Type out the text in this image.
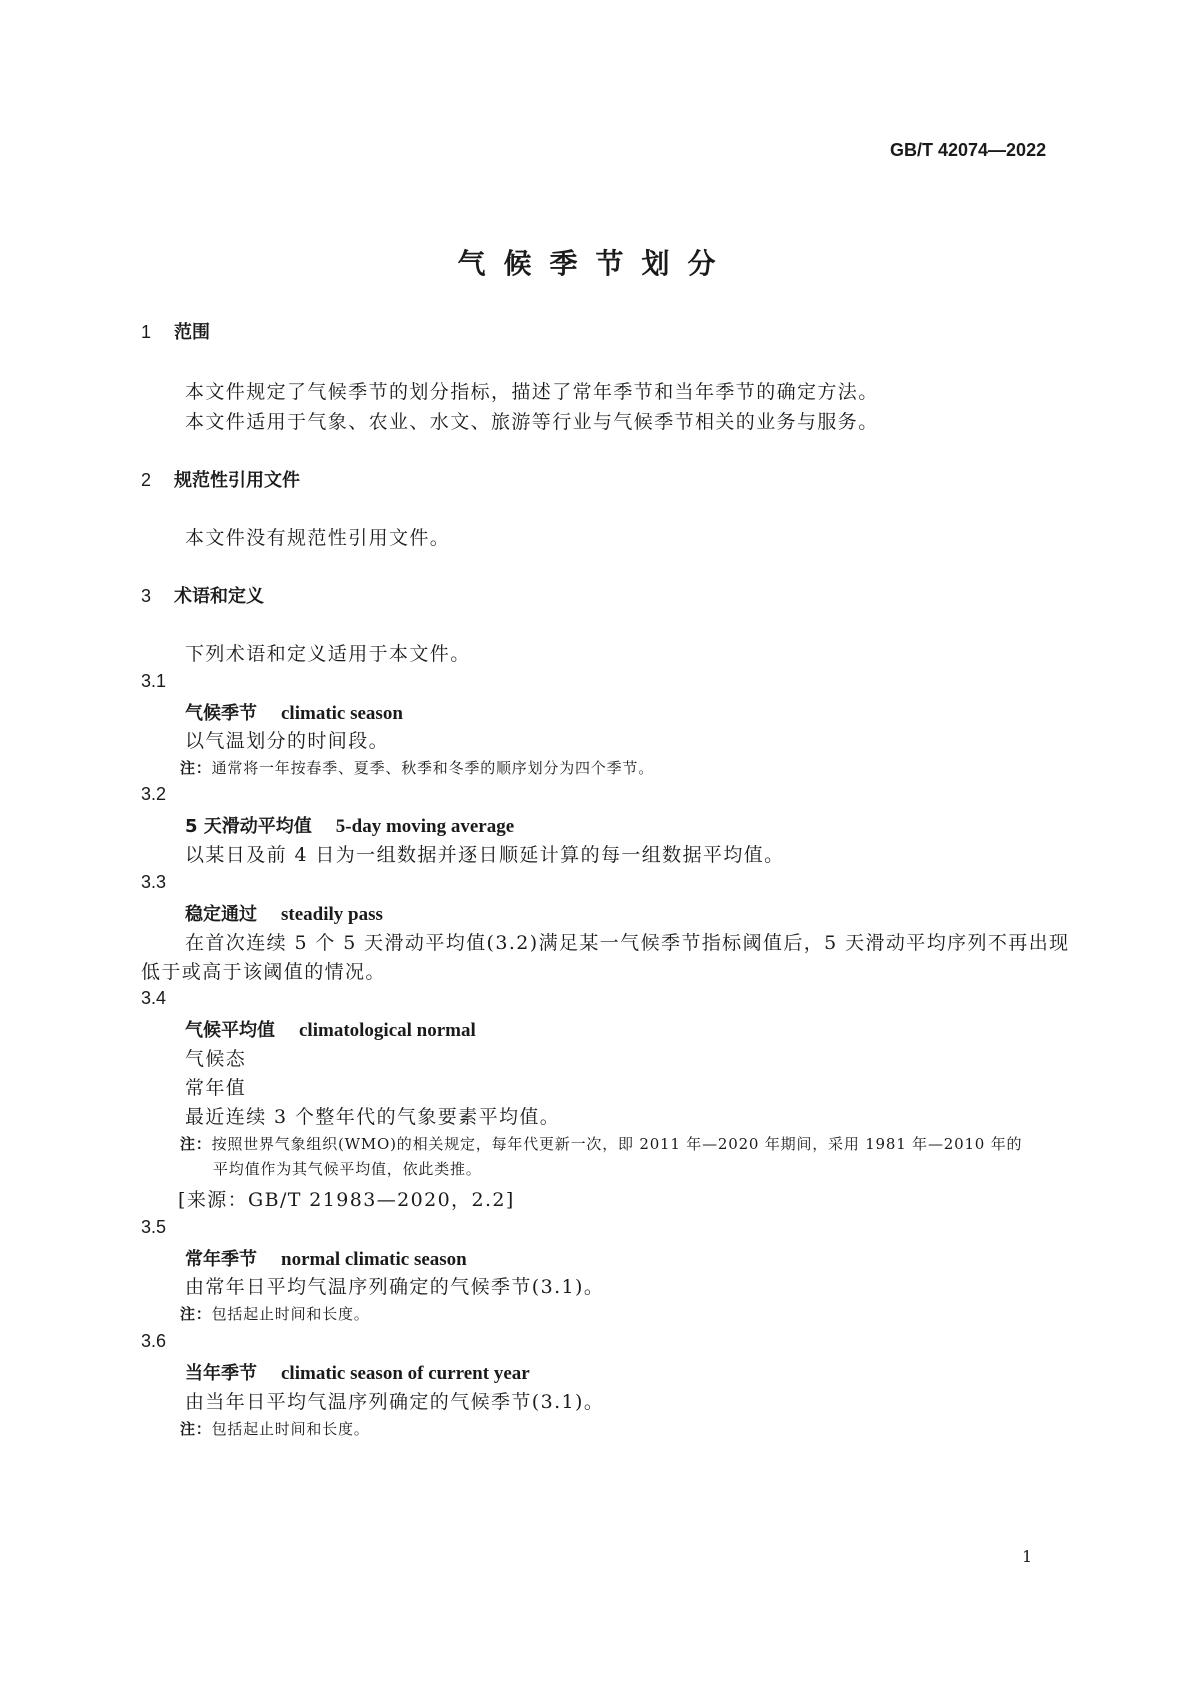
GB/T 42074—2022
气候季节划分
1 范围
本文件规定了气候季节的划分指标，描述了常年季节和当年季节的确定方法。
本文件适用于气象、农业、水文、旅游等行业与气候季节相关的业务与服务。
2 规范性引用文件
本文件没有规范性引用文件。
3 术语和定义
下列术语和定义适用于本文件。
3.1
气候季节 climatic season
以气温划分的时间段。
注：通常将一年按春季、夏季、秋季和冬季的顺序划分为四个季节。
3.2
5 天滑动平均值 5-day moving average
以某日及前 4 日为一组数据并逐日顺延计算的每一组数据平均值。
3.3
稳定通过 steadily pass
在首次连续 5 个 5 天滑动平均值(3.2)满足某一气候季节指标阈值后，5 天滑动平均序列不再出现
低于或高于该阈值的情况。
3.4
气候平均值 climatological normal
气候态
常年值
最近连续 3 个整年代的气象要素平均值。
注：按照世界气象组织(WMO)的相关规定，每年代更新一次，即 2011 年—2020 年期间，采用 1981 年—2010 年的
平均值作为其气候平均值，依此类推。
[来源：GB/T 21983—2020，2.2]
3.5
常年季节 normal climatic season
由常年日平均气温序列确定的气候季节(3.1)。
注：包括起止时间和长度。
3.6
当年季节 climatic season of current year
由当年日平均气温序列确定的气候季节(3.1)。
注：包括起止时间和长度。
1
